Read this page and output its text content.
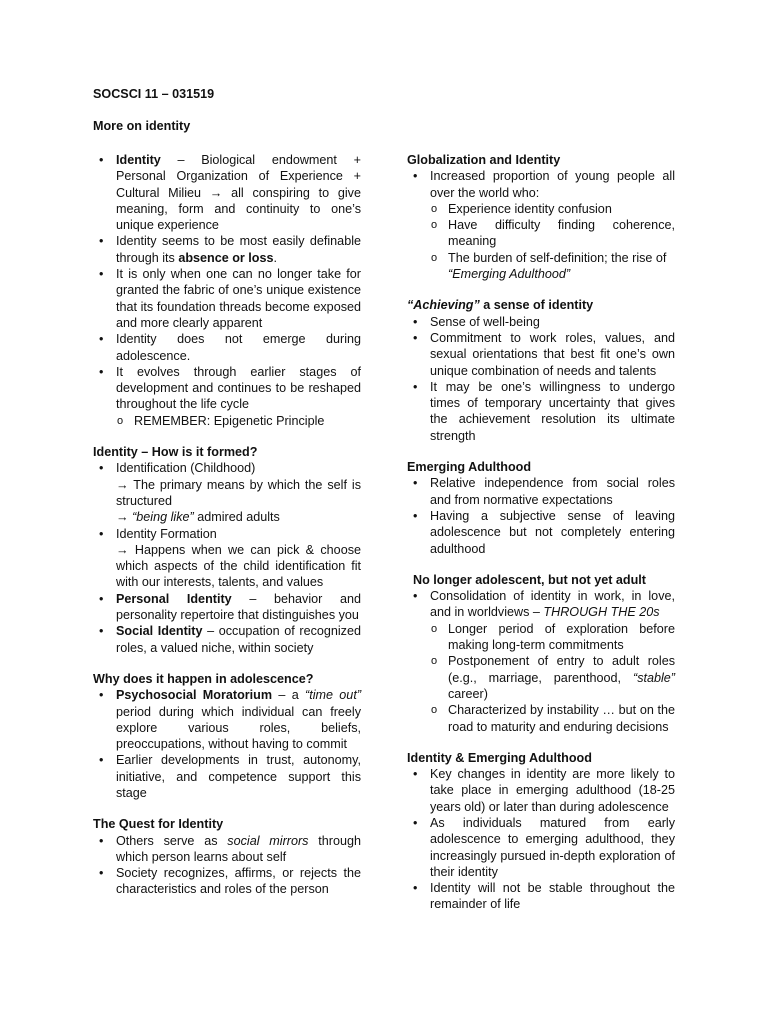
SOCSCI 11 – 031519
More on identity
• Identity – Biological endowment + Personal Organization of Experience + Cultural Milieu → all conspiring to give meaning, form and continuity to one’s unique experience
• Identity seems to be most easily definable through its absence or loss.
• It is only when one can no longer take for granted the fabric of one’s unique existence that its foundation threads become exposed and more clearly apparent
• Identity does not emerge during adolescence.
• It evolves through earlier stages of development and continues to be reshaped throughout the life cycle
o REMEMBER: Epigenetic Principle
Identity – How is it formed?
• Identification (Childhood)
→ The primary means by which the self is structured
→ “being like” admired adults
• Identity Formation
→ Happens when we can pick & choose which aspects of the child identification fit with our interests, talents, and values
• Personal Identity – behavior and personality repertoire that distinguishes you
• Social Identity – occupation of recognized roles, a valued niche, within society
Why does it happen in adolescence?
• Psychosocial Moratorium – a “time out” period during which individual can freely explore various roles, beliefs, preoccupations, without having to commit
• Earlier developments in trust, autonomy, initiative, and competence support this stage
The Quest for Identity
• Others serve as social mirrors through which person learns about self
• Society recognizes, affirms, or rejects the characteristics and roles of the person
Globalization and Identity
• Increased proportion of young people all over the world who:
o Experience identity confusion
o Have difficulty finding coherence, meaning
o The burden of self-definition; the rise of
“Emerging Adulthood”
“Achieving” a sense of identity
• Sense of well-being
• Commitment to work roles, values, and sexual orientations that best fit one’s own unique combination of needs and talents
• It may be one’s willingness to undergo times of temporary uncertainty that gives the achievement resolution its ultimate strength
Emerging Adulthood
• Relative independence from social roles and from normative expectations
• Having a subjective sense of leaving adolescence but not completely entering adulthood
No longer adolescent, but not yet adult
• Consolidation of identity in work, in love, and in worldviews – THROUGH THE 20s
o Longer period of exploration before making long-term commitments
o Postponement of entry to adult roles (e.g., marriage, parenthood, “stable” career)
o Characterized by instability … but on the road to maturity and enduring decisions
Identity & Emerging Adulthood
• Key changes in identity are more likely to take place in emerging adulthood (18-25 years old) or later than during adolescence
• As individuals matured from early adolescence to emerging adulthood, they increasingly pursued in-depth exploration of their identity
• Identity will not be stable throughout the remainder of life
